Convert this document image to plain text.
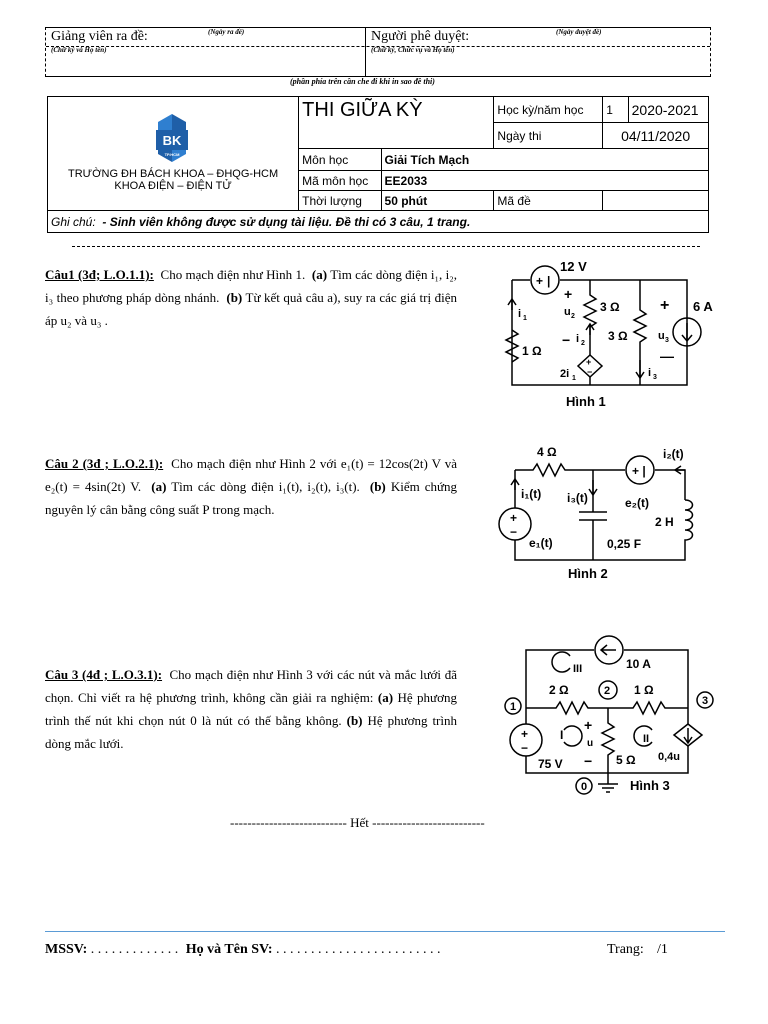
Giảng viên ra đề:	(Ngày ra đề)
(Chữ ký và Họ tên)
Người phê duyệt:	(Ngày duyệt đề)
(Chữ ký, Chức vụ và Họ tên)
(phần phía trên cần che đi khi in sao đề thi)
BK
TP.HCM
TRƯỜNG ĐH BÁCH KHOA – ĐHQG-HCM
KHOA ĐIỆN – ĐIỆN TỬ	THI GIỮA KỲ		Học kỳ/năm học	1	2020-2021
			Ngày thi	04/11/2020	
	Môn học	Giải Tích Mạch			
	Mã môn học	EE2033			
	Thời lượng	50 phút	Mã đề		
Ghi chú: - Sinh viên không được sử dụng tài liệu. Đề thi có 3 câu, 1 trang.					
Câu1 (3đ; L.O.1.1): Cho mạch điện như Hình 1. (a) Tìm các dòng điện i₁, i₂, i₃ theo phương pháp dòng nhánh. (b) Từ kết quả câu a), suy ra các giá trị điện áp u₂ và u₃ .
12 V
+ |
+
−
3 Ω
3 Ω
+ 6 A
—
1 Ω
i 1
u 2
i 2
u 3
i 3
+
−
2i 1
Hình 1
Câu 2 (3đ ; L.O.2.1): Cho mạch điện như Hình 2 với e₁(t) = 12cos(2t) V và e₂(t) = 4sin(2t) V. (a) Tìm các dòng điện i₁(t), i₂(t), i₃(t). (b) Kiểm chứng nguyên lý cân bằng công suất P trong mạch.
4 Ω	i₂(t)
+ |
i₁(t) i₃(t)	e₂(t)
2 H
+
−
e₁(t)	0,25 F
Hình 2
Câu 3 (4đ ; L.O.3.1): Cho mạch điện như Hình 3 với các nút và mắc lưới đã chọn. Chỉ viết ra hệ phương trình, không cần giải ra nghiệm: (a) Hệ phương trình thế nút khi chọn nút 0 là nút có thế bằng không. (b) Hệ phương trình dòng mắc lưới.
10 A
III
2 Ω	1 Ω
1
2
3
0
I	II
+
u
−	0,4u
+
−
75 V	5 Ω
Hình 3
--------------------------- Hết --------------------------
MSSV: . . . . . . . . . . . . . Họ và Tên SV: . . . . . . . . . . . . . . . . . . . . . . . .	Trang: /1
